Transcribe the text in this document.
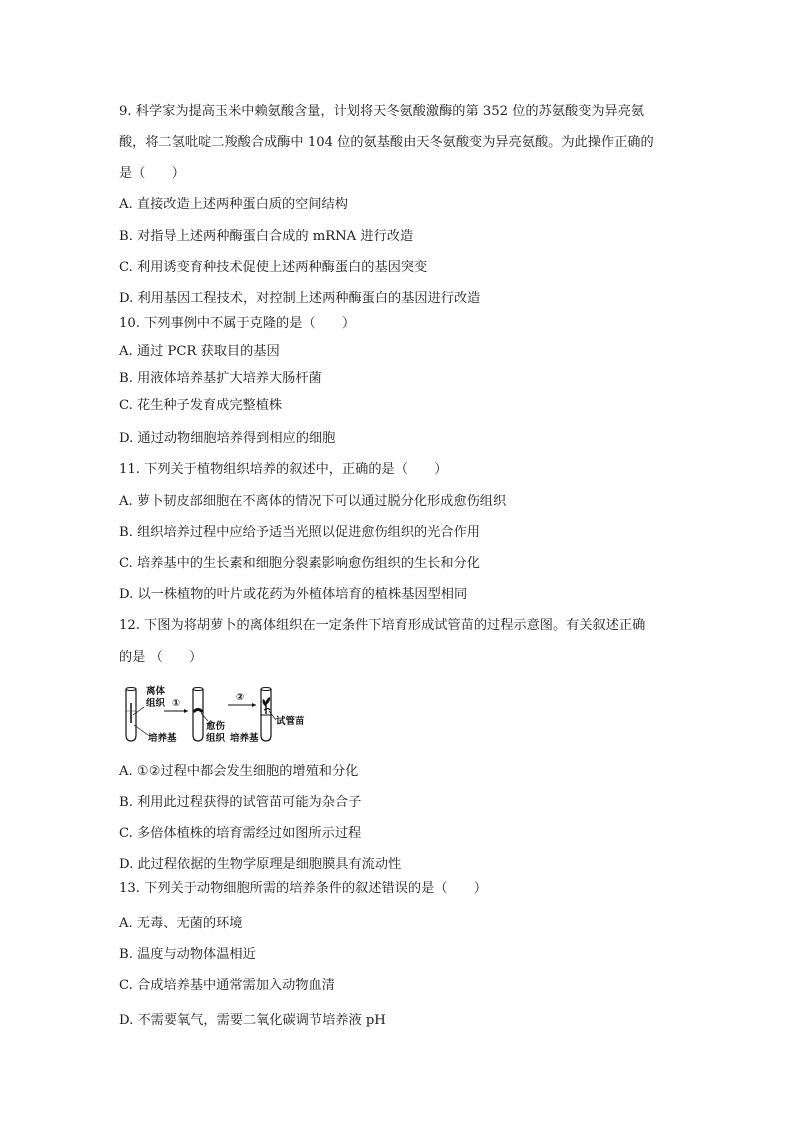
9. 科学家为提高玉米中赖氨酸含量，计划将天冬氨酸激酶的第 352 位的苏氨酸变为异亮氨
酸，将二氢吡啶二羧酸合成酶中 104 位的氨基酸由天冬氨酸变为异亮氨酸。为此操作正确的
是（　　）
A. 直接改造上述两种蛋白质的空间结构
B. 对指导上述两种酶蛋白合成的 mRNA 进行改造
C. 利用诱变育种技术促使上述两种酶蛋白的基因突变
D. 利用基因工程技术，对控制上述两种酶蛋白的基因进行改造
10. 下列事例中不属于克隆的是（　　）
A. 通过 PCR 获取目的基因
B. 用液体培养基扩大培养大肠杆菌
C. 花生种子发育成完整植株
D. 通过动物细胞培养得到相应的细胞
11. 下列关于植物组织培养的叙述中，正确的是（　　）
A. 萝卜韧皮部细胞在不离体的情况下可以通过脱分化形成愈伤组织
B. 组织培养过程中应给予适当光照以促进愈伤组织的光合作用
C. 培养基中的生长素和细胞分裂素影响愈伤组织的生长和分化
D. 以一株植物的叶片或花药为外植体培育的植株基因型相同
12. 下图为将胡萝卜的离体组织在一定条件下培育形成试管苗的过程示意图。有关叙述正确
的是 （　　）
离体
组织 ①
培养基
愈伤
组织
②
培养基
试管苗
A. ①②过程中都会发生细胞的增殖和分化
B. 利用此过程获得的试管苗可能为杂合子
C. 多倍体植株的培育需经过如图所示过程
D. 此过程依据的生物学原理是细胞膜具有流动性
13. 下列关于动物细胞所需的培养条件的叙述错误的是（　　）
A. 无毒、无菌的环境
B. 温度与动物体温相近
C. 合成培养基中通常需加入动物血清
D. 不需要氧气，需要二氧化碳调节培养液 pH
